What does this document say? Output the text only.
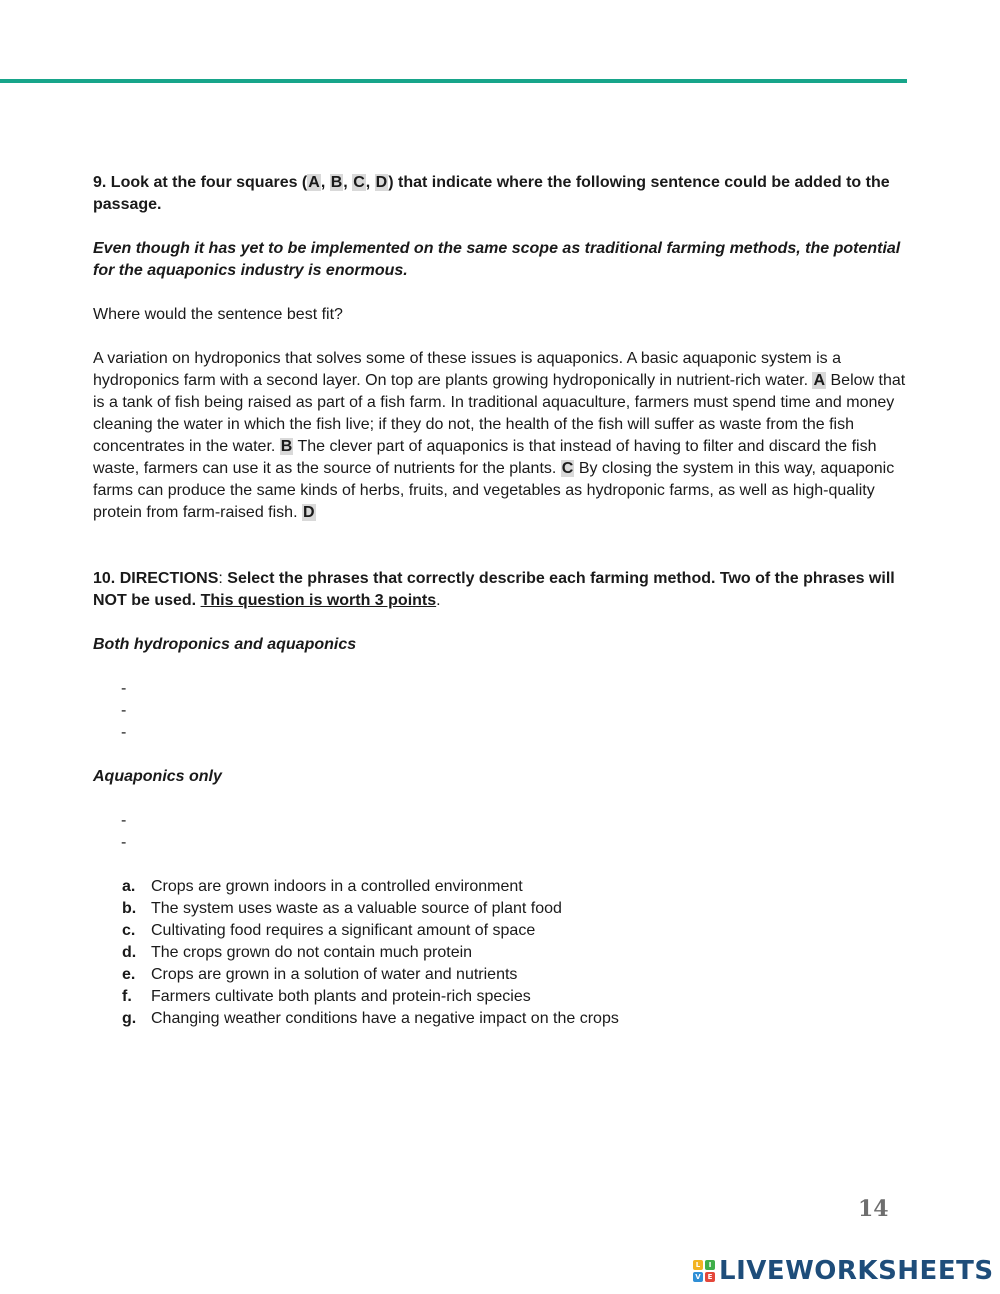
9. Look at the four squares (A, B, C, D) that indicate where the following sentence could be added to the passage.

Even though it has yet to be implemented on the same scope as traditional farming methods, the potential for the aquaponics industry is enormous.

Where would the sentence best fit?

A variation on hydroponics that solves some of these issues is aquaponics. A basic aquaponic system is a hydroponics farm with a second layer. On top are plants growing hydroponically in nutrient-rich water. A Below that is a tank of fish being raised as part of a fish farm. In traditional aquaculture, farmers must spend time and money cleaning the water in which the fish live; if they do not, the health of the fish will suffer as waste from the fish concentrates in the water. B The clever part of aquaponics is that instead of having to filter and discard the fish waste, farmers can use it as the source of nutrients for the plants. C By closing the system in this way, aquaponic farms can produce the same kinds of herbs, fruits, and vegetables as hydroponic farms, as well as high-quality protein from farm-raised fish. D

10. DIRECTIONS: Select the phrases that correctly describe each farming method. Two of the phrases will NOT be used. This question is worth 3 points.

Both hydroponics and aquaponics

-
-
-

Aquaponics only

-
-
a. Crops are grown indoors in a controlled environment
b. The system uses waste as a valuable source of plant food
c. Cultivating food requires a significant amount of space
d. The crops grown do not contain much protein
e. Crops are grown in a solution of water and nutrients
f. Farmers cultivate both plants and protein-rich species
g. Changing weather conditions have a negative impact on the crops
14
L	I
V E LIVEWORKSHEETS
